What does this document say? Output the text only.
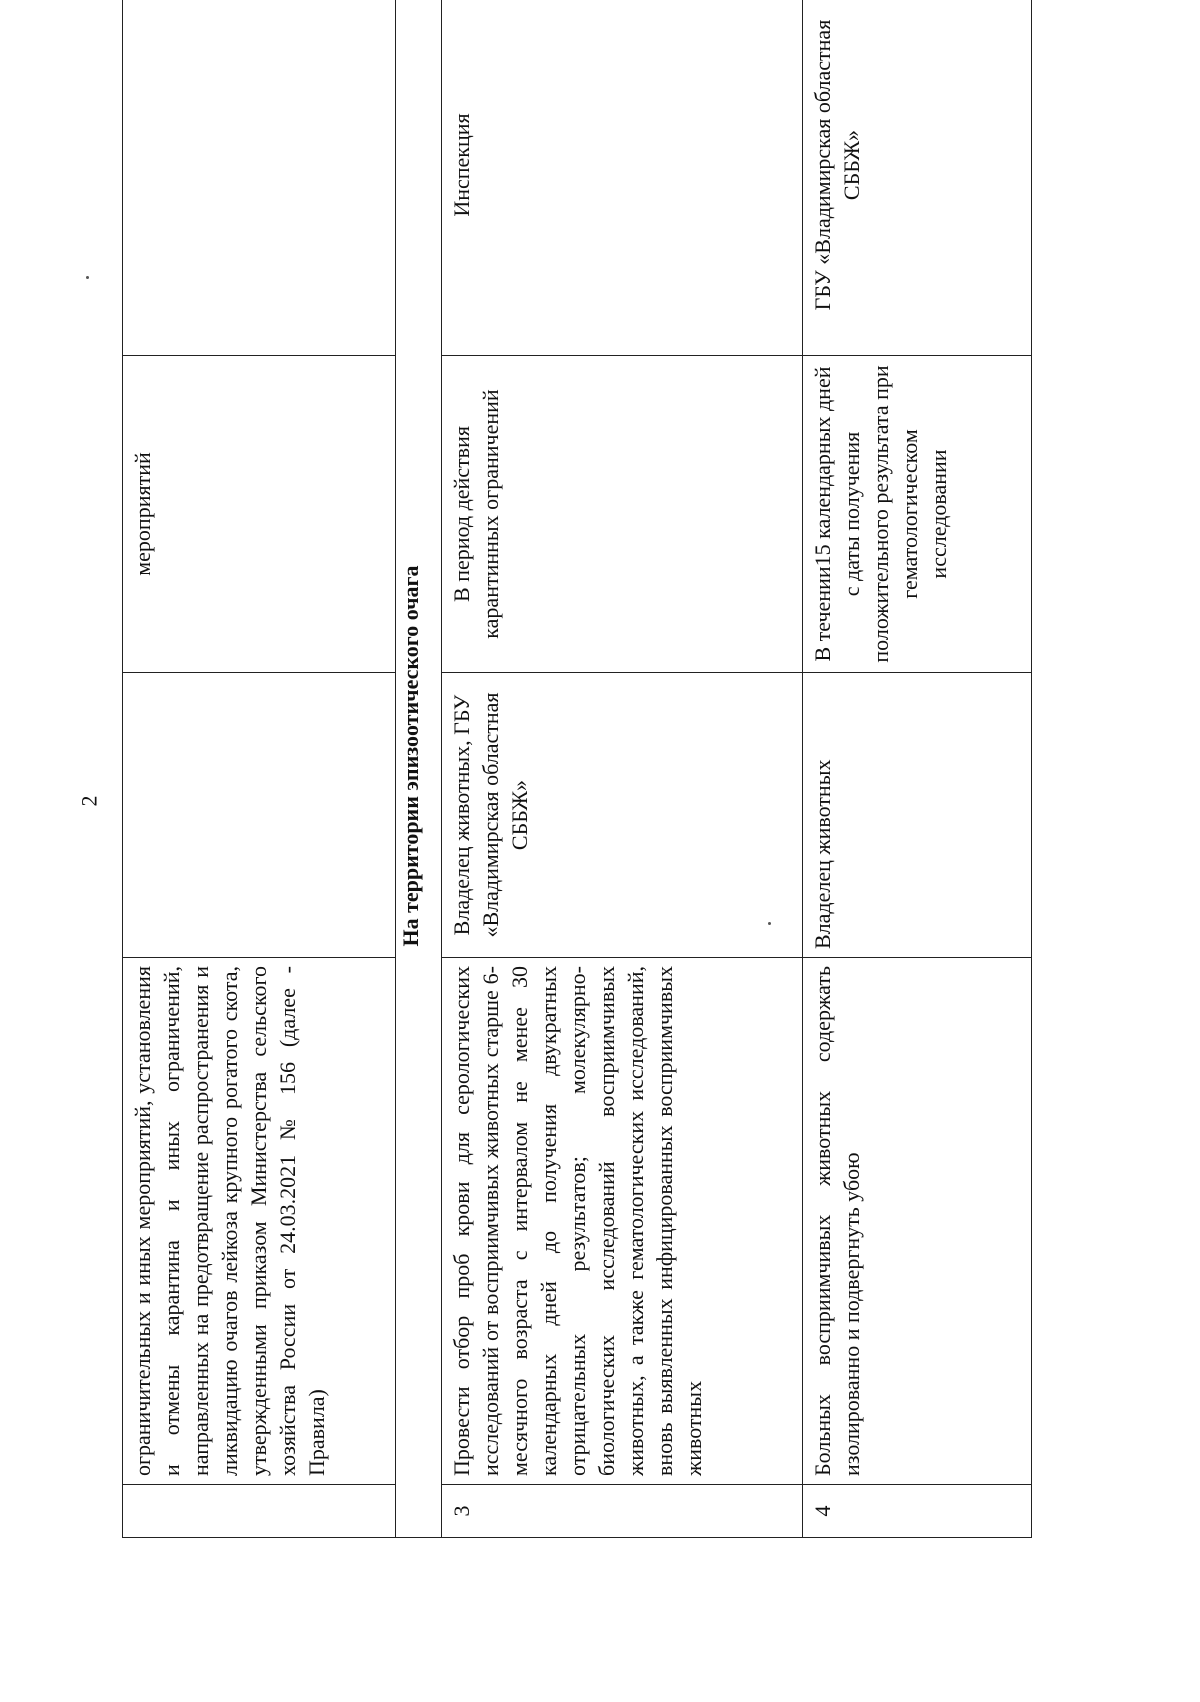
2
	ограничительных и иных мероприятий, установления и отмены карантина и иных ограничений, направленных на предотвращение распространения и ликвидацию очагов лейкоза крупного рогатого скота, утвержденными приказом Министерства сельского хозяйства России от 24.03.2021 № 156 (далее - Правила)		мероприятий	
На территории эпизоотического очага				
3	Провести отбор проб крови для серологических исследований от восприимчивых животных старше 6-месячного возраста с интервалом не менее 30 календарных дней до получения двукратных отрицательных результатов; молекулярно-биологических исследований восприимчивых животных, а также гематологических исследований, вновь выявленных инфицированных восприимчивых животных	Владелец животных, ГБУ «Владимирская областная СББЖ»	В период действия карантинных ограничений	Инспекция
4	Больных восприимчивых животных содержать изолированно и подвергнуть убою	Владелец животных	В течении15 календарных дней с даты получения положительного результата при гематологическом исследовании	ГБУ «Владимирская областная СББЖ»
